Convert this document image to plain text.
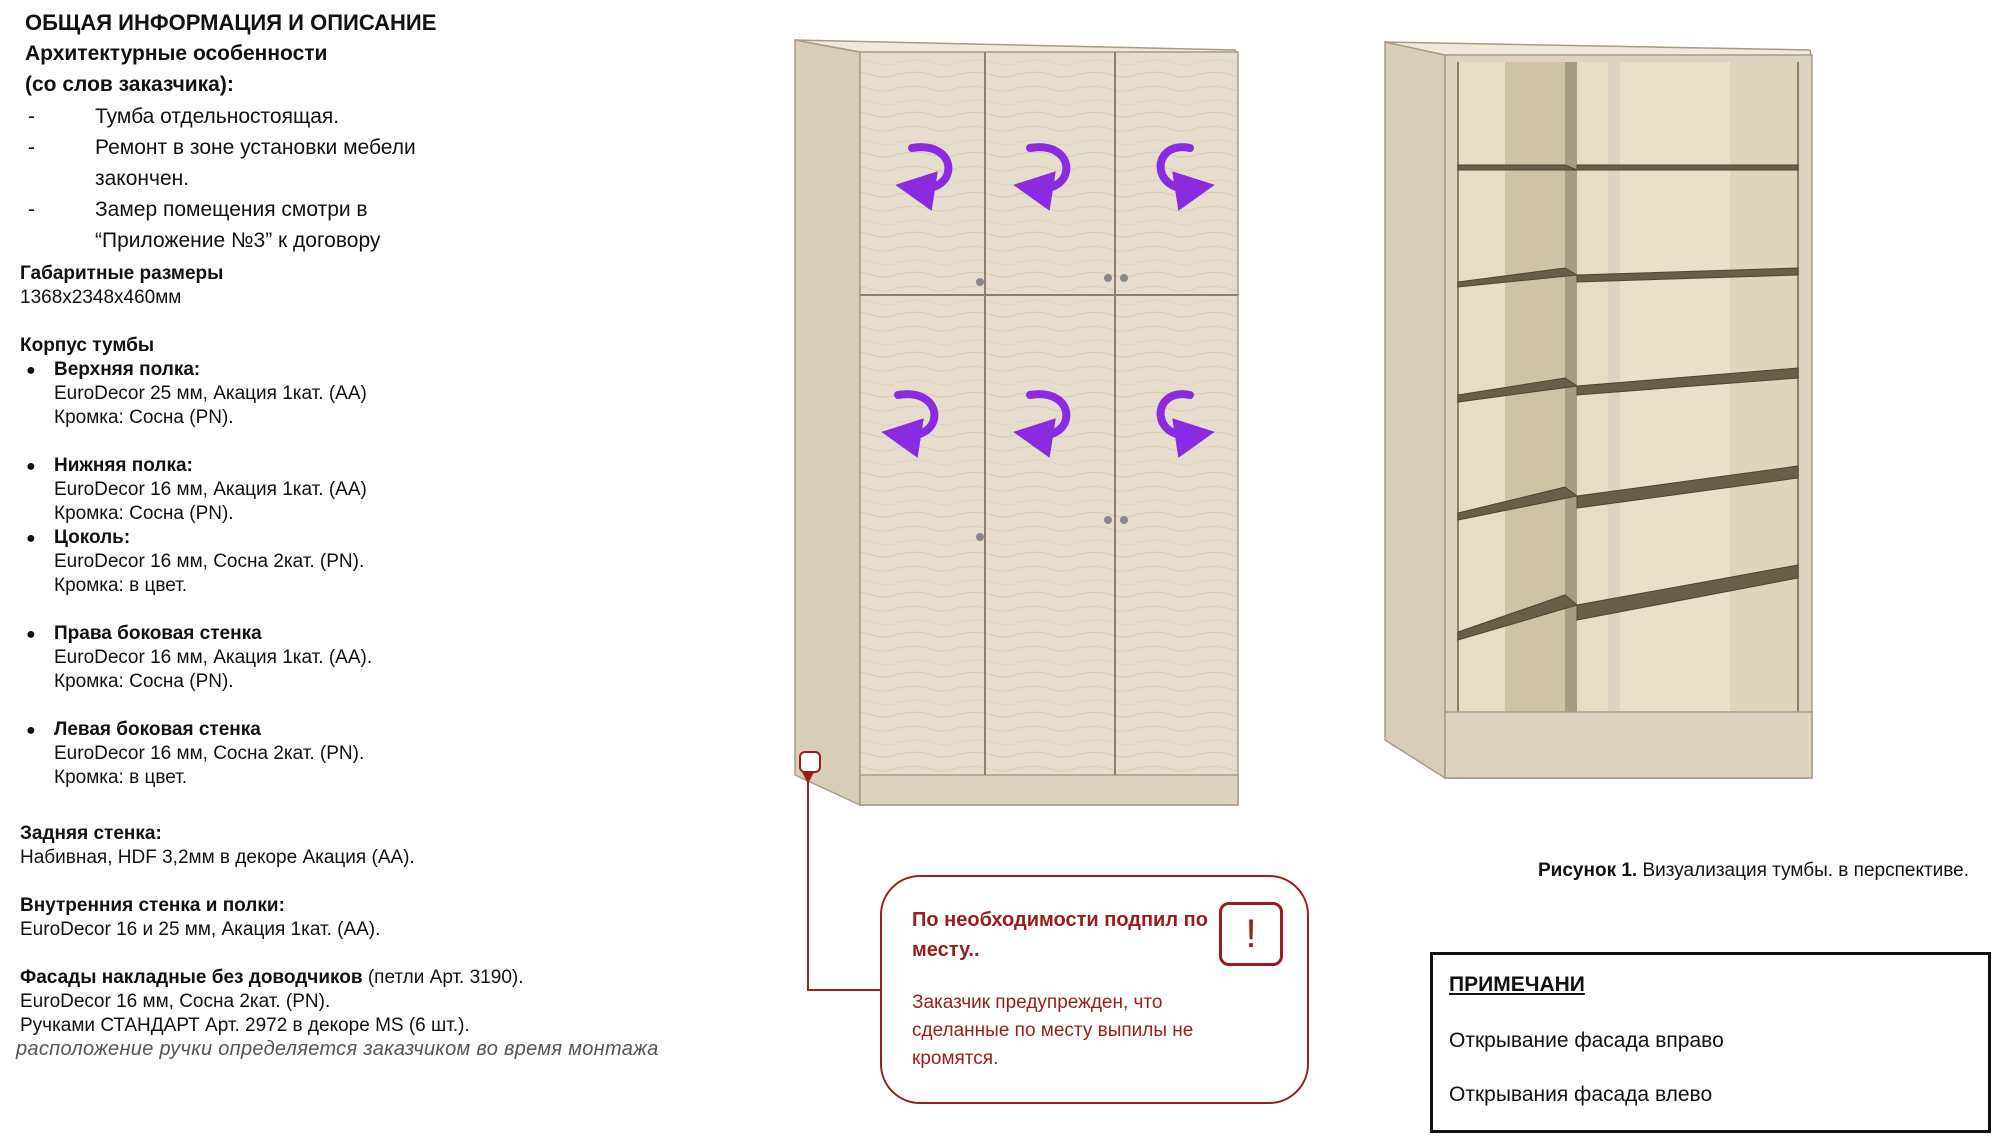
ОБЩАЯ ИНФОРМАЦИЯ И ОПИСАНИЕ
Архитектурные особенности
(со слов заказчика):
-	Тумба отдельностоящая.
-	Ремонт в зоне установки мебели
закончен.
-	Замер помещения смотри в
“Приложение №3” к договору
Габаритные размеры
1368х2348х460мм
Корпус тумбы
● Верхняя полка:
EuroDecor 25 мм, Акация 1кат. (АА)
Кромка: Сосна (PN).
● Нижняя полка:
EuroDecor 16 мм, Акация 1кат. (АА)
Кромка: Сосна (PN).
● Цоколь:
EuroDecor 16 мм, Сосна 2кат. (PN).
Кромка: в цвет.
● Права боковая стенка
EuroDecor 16 мм, Акация 1кат. (АА).
Кромка: Сосна (PN).
● Левая боковая стенка
EuroDecor 16 мм, Сосна 2кат. (PN).
Кромка: в цвет.
Задняя стенка:
Набивная, HDF 3,2мм в декоре Акация (АА).
Внутренния стенка и полки:
EuroDecor 16 и 25 мм, Акация 1кат. (АА).
Фасады накладные без доводчиков (петли Арт. 3190).
EuroDecor 16 мм, Сосна 2кат. (PN).
Ручками СТАНДАРТ Арт. 2972 в декоре MS (6 шт.).
расположение ручки определяется заказчиком во время монтажа
По необходимости подпил по месту..	!
Заказчик предупрежден, что сделанные по месту выпилы не кромятся.
Рисунок 1. Визуализация тумбы. в перспективе.
ПРИМЕЧАНИ
Открывание фасада вправо
Открывания фасада влево
